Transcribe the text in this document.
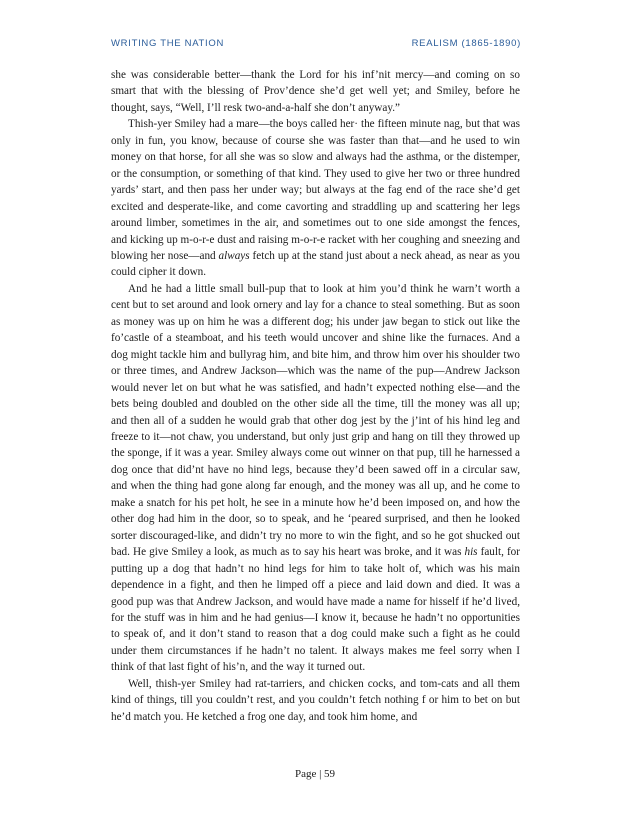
WRITING THE NATION	REALISM (1865-1890)

she was considerable better—thank the Lord for his inf’nit mercy—and coming on so smart that with the blessing of Prov’dence she’d get well yet; and Smiley, before he thought, says, “Well, I’ll resk two-and-a-half she don’t anyway.”

Thish-yer Smiley had a mare—the boys called her· the fifteen minute nag, but that was only in fun, you know, because of course she was faster than that—and he used to win money on that horse, for all she was so slow and always had the asthma, or the distemper, or the consumption, or something of that kind. They used to give her two or three hundred yards’ start, and then pass her under way; but always at the fag end of the race she’d get excited and desperate-like, and come cavorting and straddling up and scattering her legs around limber, sometimes in the air, and sometimes out to one side amongst the fences, and kicking up m-o-r-e dust and raising m-o-r-e racket with her coughing and sneezing and blowing her nose—and always fetch up at the stand just about a neck ahead, as near as you could cipher it down.

And he had a little small bull-pup that to look at him you’d think he warn’t worth a cent but to set around and look ornery and lay for a chance to steal something. But as soon as money was up on him he was a different dog; his under jaw began to stick out like the fo’castle of a steamboat, and his teeth would uncover and shine like the furnaces. And a dog might tackle him and bullyrag him, and bite him, and throw him over his shoulder two or three times, and Andrew Jackson—which was the name of the pup—Andrew Jackson would never let on but what he was satisfied, and hadn’t expected nothing else—and the bets being doubled and doubled on the other side all the time, till the money was all up; and then all of a sudden he would grab that other dog jest by the j’int of his hind leg and freeze to it—not chaw, you understand, but only just grip and hang on till they throwed up the sponge, if it was a year. Smiley always come out winner on that pup, till he harnessed a dog once that did’nt have no hind legs, because they’d been sawed off in a circular saw, and when the thing had gone along far enough, and the money was all up, and he come to make a snatch for his pet holt, he see in a minute how he’d been imposed on, and how the other dog had him in the door, so to speak, and he ‘peared surprised, and then he looked sorter discouraged-like, and didn’t try no more to win the fight, and so he got shucked out bad. He give Smiley a look, as much as to say his heart was broke, and it was his fault, for putting up a dog that hadn’t no hind legs for him to take holt of, which was his main dependence in a fight, and then he limped off a piece and laid down and died. It was a good pup was that Andrew Jackson, and would have made a name for hisself if he’d lived, for the stuff was in him and he had genius—I know it, because he hadn’t no opportunities to speak of, and it don’t stand to reason that a dog could make such a fight as he could under them circumstances if he hadn’t no talent. It always makes me feel sorry when I think of that last fight of his’n, and the way it turned out.

Well, thish-yer Smiley had rat-tarriers, and chicken cocks, and tom-cats and all them kind of things, till you couldn’t rest, and you couldn’t fetch nothing f or him to bet on but he’d match you. He ketched a frog one day, and took him home, and

Page | 59
